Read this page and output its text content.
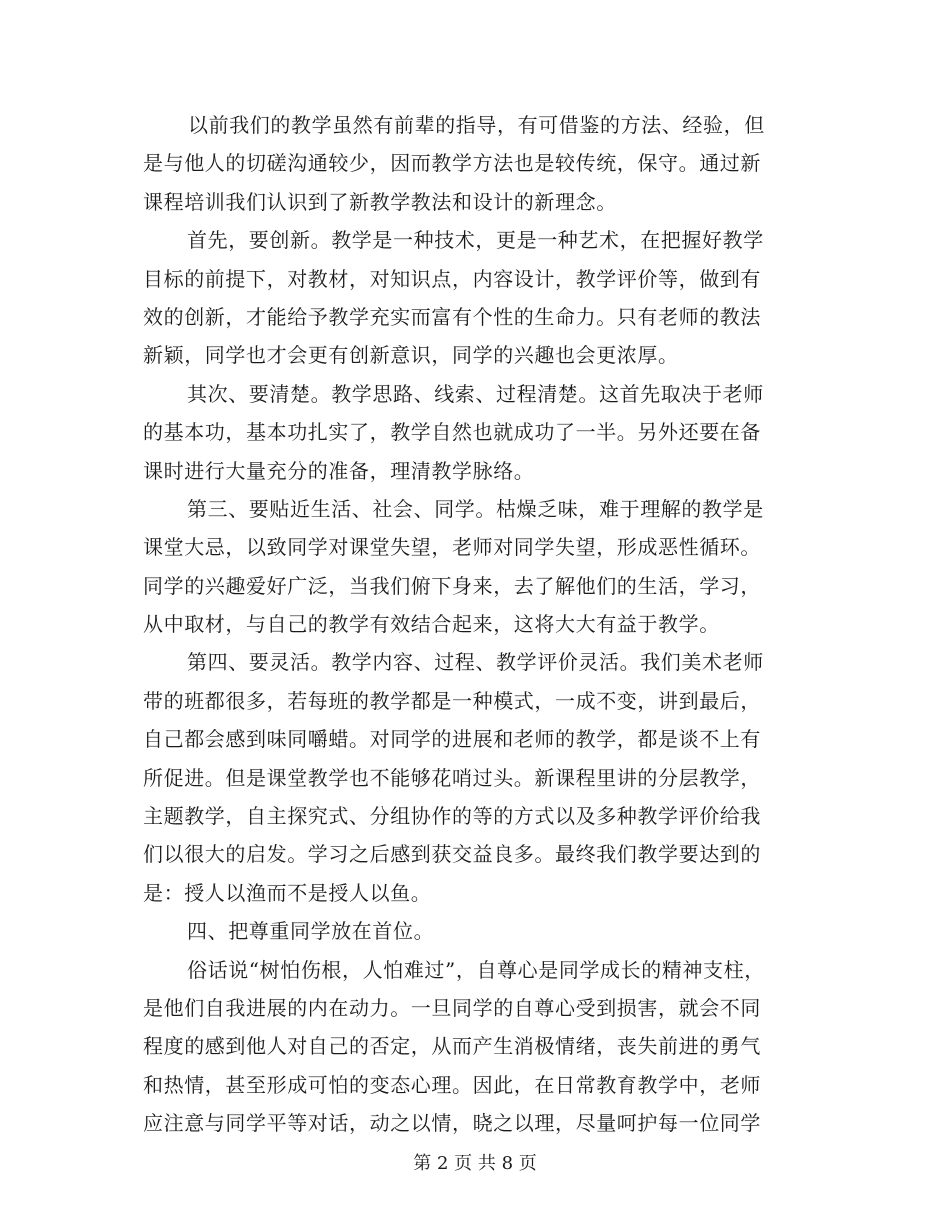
以前我们的教学虽然有前辈的指导，有可借鉴的方法、经验，但
是与他人的切磋沟通较少，因而教学方法也是较传统，保守。通过新
课程培训我们认识到了新教学教法和设计的新理念。
首先，要创新。教学是一种技术，更是一种艺术，在把握好教学
目标的前提下，对教材，对知识点，内容设计，教学评价等，做到有
效的创新，才能给予教学充实而富有个性的生命力。只有老师的教法
新颖，同学也才会更有创新意识，同学的兴趣也会更浓厚。
其次、要清楚。教学思路、线索、过程清楚。这首先取决于老师
的基本功，基本功扎实了，教学自然也就成功了一半。另外还要在备
课时进行大量充分的准备，理清教学脉络。
第三、要贴近生活、社会、同学。枯燥乏味，难于理解的教学是
课堂大忌，以致同学对课堂失望，老师对同学失望，形成恶性循环。
同学的兴趣爱好广泛，当我们俯下身来，去了解他们的生活，学习，
从中取材，与自己的教学有效结合起来，这将大大有益于教学。
第四、要灵活。教学内容、过程、教学评价灵活。我们美术老师
带的班都很多，若每班的教学都是一种模式，一成不变，讲到最后，
自己都会感到味同嚼蜡。对同学的进展和老师的教学，都是谈不上有
所促进。但是课堂教学也不能够花哨过头。新课程里讲的分层教学，
主题教学，自主探究式、分组协作的等的方式以及多种教学评价给我
们以很大的启发。学习之后感到获交益良多。最终我们教学要达到的
是：授人以渔而不是授人以鱼。
四、把尊重同学放在首位。
俗话说“树怕伤根，人怕难过”，自尊心是同学成长的精神支柱，
是他们自我进展的内在动力。一旦同学的自尊心受到损害，就会不同
程度的感到他人对自己的否定，从而产生消极情绪，丧失前进的勇气
和热情，甚至形成可怕的变态心理。因此，在日常教育教学中，老师
应注意与同学平等对话，动之以情，晓之以理，尽量呵护每一位同学
第 2 页 共 8 页
